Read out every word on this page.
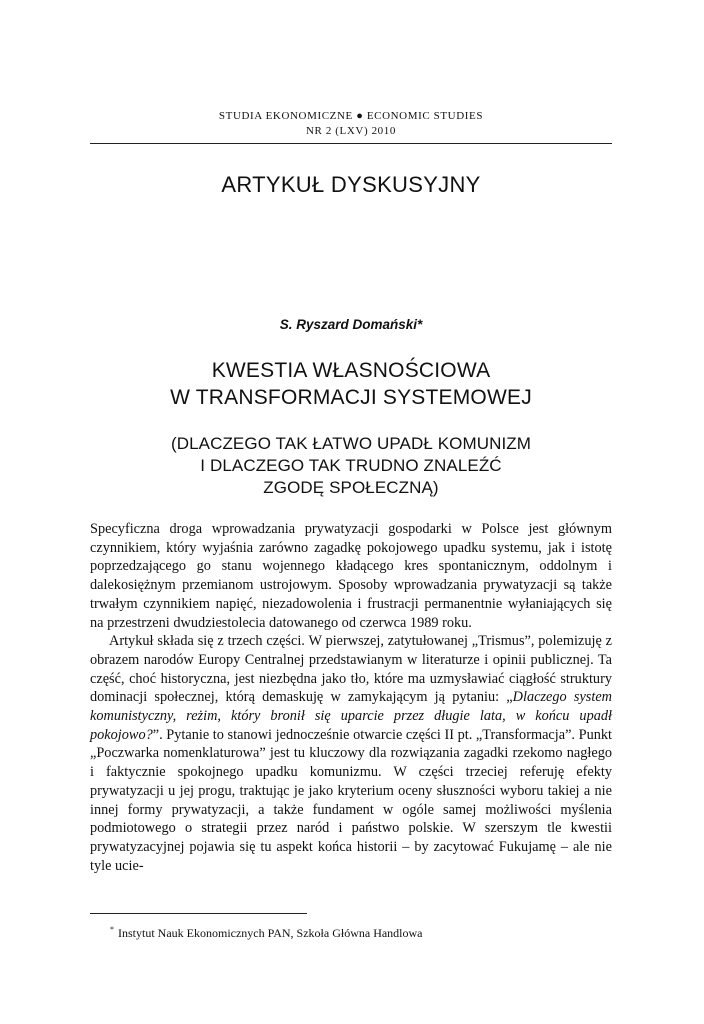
STUDIA EKONOMICZNE ● ECONOMIC STUDIES
NR 2 (LXV) 2010
ARTYKUŁ DYSKUSYJNY
S. Ryszard Domański*
KWESTIA WŁASNOŚCIOWA
W TRANSFORMACJI SYSTEMOWEJ
(DLACZEGO TAK ŁATWO UPADŁ KOMUNIZM
I DLACZEGO TAK TRUDNO ZNALEŹĆ
ZGODĘ SPOŁECZNĄ)

Specyficzna droga wprowadzania prywatyzacji gospodarki w Polsce jest głównym czynnikiem, który wyjaśnia zarówno zagadkę pokojowego upadku systemu, jak i istotę poprzedzającego go stanu wojennego kładącego kres spontanicznym, oddolnym i dalekosiężnym przemianom ustrojowym. Sposoby wprowadzania prywatyzacji są także trwałym czynnikiem napięć, niezadowolenia i frustracji permanentnie wyłaniających się na przestrzeni dwudziestolecia datowanego od czerwca 1989 roku.

Artykuł składa się z trzech części. W pierwszej, zatytułowanej „Trismus”, polemizuję z obrazem narodów Europy Centralnej przedstawianym w literaturze i opinii publicznej. Ta część, choć historyczna, jest niezbędna jako tło, które ma uzmysławiać ciągłość struktury dominacji społecznej, którą demaskuję w zamykającym ją pytaniu: „Dlaczego system komunistyczny, reżim, który bronił się uparcie przez długie lata, w końcu upadł pokojowo?”. Pytanie to stanowi jednocześnie otwarcie części II pt. „Transformacja”. Punkt „Poczwarka nomenklaturowa” jest tu kluczowy dla rozwiązania zagadki rzekomo nagłego i faktycznie spokojnego upadku komunizmu. W części trzeciej referuję efekty prywatyzacji u jej progu, traktując je jako kryterium oceny słuszności wyboru takiej a nie innej formy prywatyzacji, a także fundament w ogóle samej możliwości myślenia podmiotowego o strategii przez naród i państwo polskie. W szerszym tle kwestii prywatyzacyjnej pojawia się tu aspekt końca historii – by zacytować Fukujamę – ale nie tyle ucie-

* Instytut Nauk Ekonomicznych PAN, Szkoła Główna Handlowa
